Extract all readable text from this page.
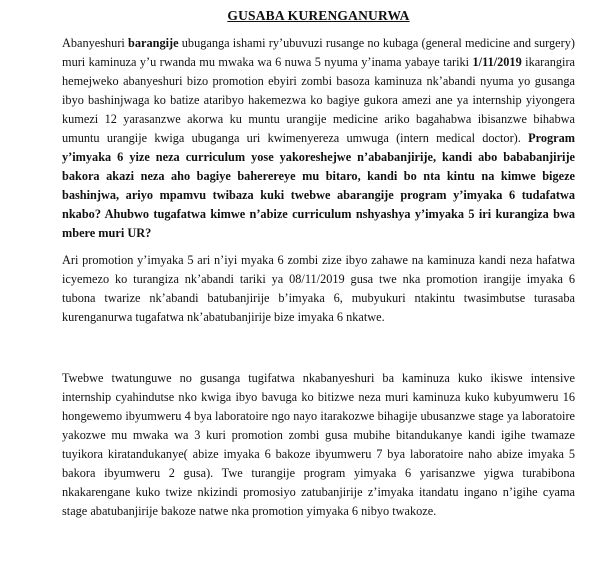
GUSABA KURENGANURWA

Abanyeshuri barangije ubuganga ishami ry’ubuvuzi rusange no kubaga (general medicine and surgery) muri kaminuza y’u rwanda mu mwaka wa 6 nuwa 5 nyuma y’inama yabaye tariki 1/11/2019 ikarangira hemejweko abanyeshuri bizo promotion ebyiri zombi basoza kaminuza nk’abandi nyuma yo gusanga ibyo bashinjwaga ko batize ataribyo hakemezwa ko bagiye gukora amezi ane ya internship yiyongera kumezi 12 yarasanzwe akorwa ku muntu urangije medicine ariko bagahabwa ibisanzwe bihabwa umuntu urangije kwiga ubuganga uri kwimenyereza umwuga (intern medical doctor). Program y’imyaka 6 yize neza curriculum yose yakoreshejwe n’ababanjirije, kandi abo bababanjirije bakora akazi neza aho bagiye baherereye mu bitaro, kandi bo nta kintu na kimwe bigeze bashinjwa, ariyo mpamvu twibaza kuki twebwe abarangije program y’imyaka 6 tudafatwa nkabo? Ahubwo tugafatwa kimwe n’abize curriculum nshyashya y’imyaka 5 iri kurangiza bwa mbere muri UR?

Ari promotion y’imyaka 5 ari n’iyi myaka 6 zombi zize ibyo zahawe na kaminuza kandi neza hafatwa icyemezo ko turangiza nk’abandi tariki ya 08/11/2019 gusa twe nka promotion irangije imyaka 6 tubona twarize nk’abandi batubanjirije b’imyaka 6, mubyukuri ntakintu twasimbutse turasaba kurenganurwa tugafatwa nk’abatubanjirije bize imyaka 6 nkatwe.

Twebwe twatunguwe no gusanga tugifatwa nkabanyeshuri ba kaminuza kuko ikiswe intensive internship cyahindutse nko kwiga ibyo bavuga ko bitizwe neza muri kaminuza kuko kubyumweru 16 hongewemo ibyumweru 4 bya laboratoire ngo nayo itarakozwe bihagije ubusanzwe stage ya laboratoire yakozwe mu mwaka wa 3 kuri promotion zombi gusa mubihe bitandukanye kandi igihe twamaze tuyikora kiratandukanye( abize imyaka 6 bakoze ibyumweru 7 bya laboratoire naho abize imyaka 5 bakora ibyumweru 2 gusa). Twe turangije program yimyaka 6 yarisanzwe yigwa turabibona nkakarengane kuko twize nkizindi promosiyo zatubanjirije z’imyaka itandatu ingano n’igihe cyama stage abatubanjirije bakoze natwe nka promotion yimyaka 6 nibyo twakoze.
